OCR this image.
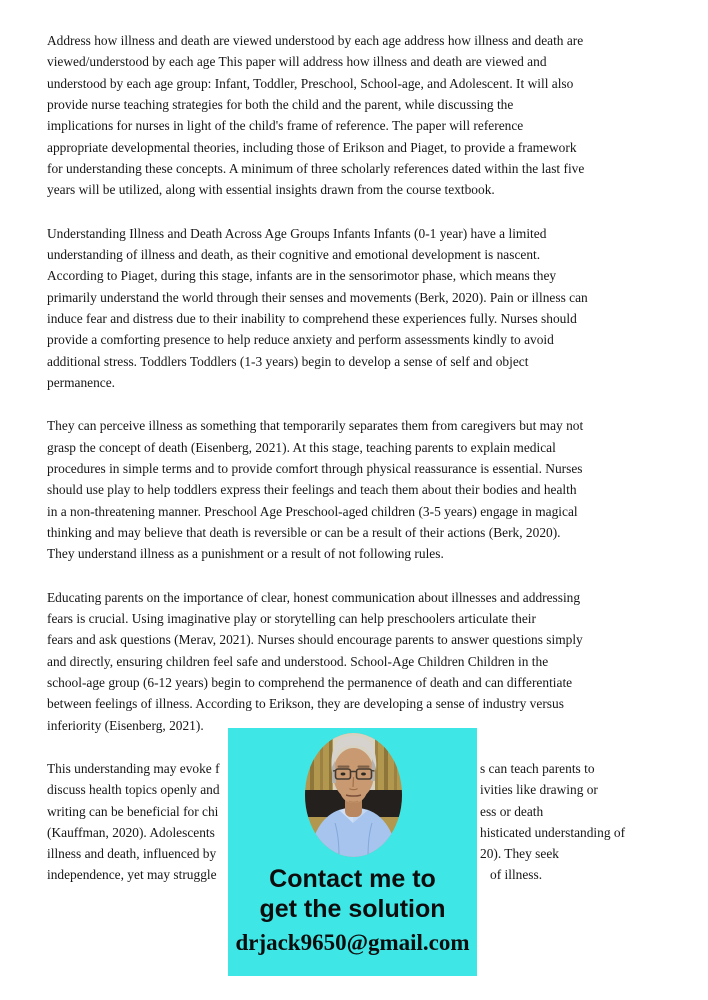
Address how illness and death are viewed understood by each age address how illness and death are
viewed/understood by each age This paper will address how illness and death are viewed and
understood by each age group: Infant, Toddler, Preschool, School-age, and Adolescent. It will also
provide nurse teaching strategies for both the child and the parent, while discussing the
implications for nurses in light of the child's frame of reference. The paper will reference
appropriate developmental theories, including those of Erikson and Piaget, to provide a framework
for understanding these concepts. A minimum of three scholarly references dated within the last five
years will be utilized, along with essential insights drawn from the course textbook.
Understanding Illness and Death Across Age Groups Infants Infants (0-1 year) have a limited
understanding of illness and death, as their cognitive and emotional development is nascent.
According to Piaget, during this stage, infants are in the sensorimotor phase, which means they
primarily understand the world through their senses and movements (Berk, 2020). Pain or illness can
induce fear and distress due to their inability to comprehend these experiences fully. Nurses should
provide a comforting presence to help reduce anxiety and perform assessments kindly to avoid
additional stress. Toddlers Toddlers (1-3 years) begin to develop a sense of self and object
permanence.
They can perceive illness as something that temporarily separates them from caregivers but may not
grasp the concept of death (Eisenberg, 2021). At this stage, teaching parents to explain medical
procedures in simple terms and to provide comfort through physical reassurance is essential. Nurses
should use play to help toddlers express their feelings and teach them about their bodies and health
in a non-threatening manner. Preschool Age Preschool-aged children (3-5 years) engage in magical
thinking and may believe that death is reversible or can be a result of their actions (Berk, 2020).
They understand illness as a punishment or a result of not following rules.
Educating parents on the importance of clear, honest communication about illnesses and addressing
fears is crucial. Using imaginative play or storytelling can help preschoolers articulate their
fears and ask questions (Merav, 2021). Nurses should encourage parents to answer questions simply
and directly, ensuring children feel safe and understood. School-Age Children Children in the
school-age group (6-12 years) begin to comprehend the permanence of death and can differentiate
between feelings of illness. According to Erikson, they are developing a sense of industry versus
inferiority (Eisenberg, 2021).
This understanding may evoke f	s can teach parents to
discuss health topics openly and	ivities like drawing or
writing can be beneficial for chi	ess or death
(Kauffman, 2020). Adolescents	histicated understanding of
illness and death, influenced by	20). They seek
independence, yet may struggle	of illness.
Contact me to
get the solution
drjack9650@gmail.com
